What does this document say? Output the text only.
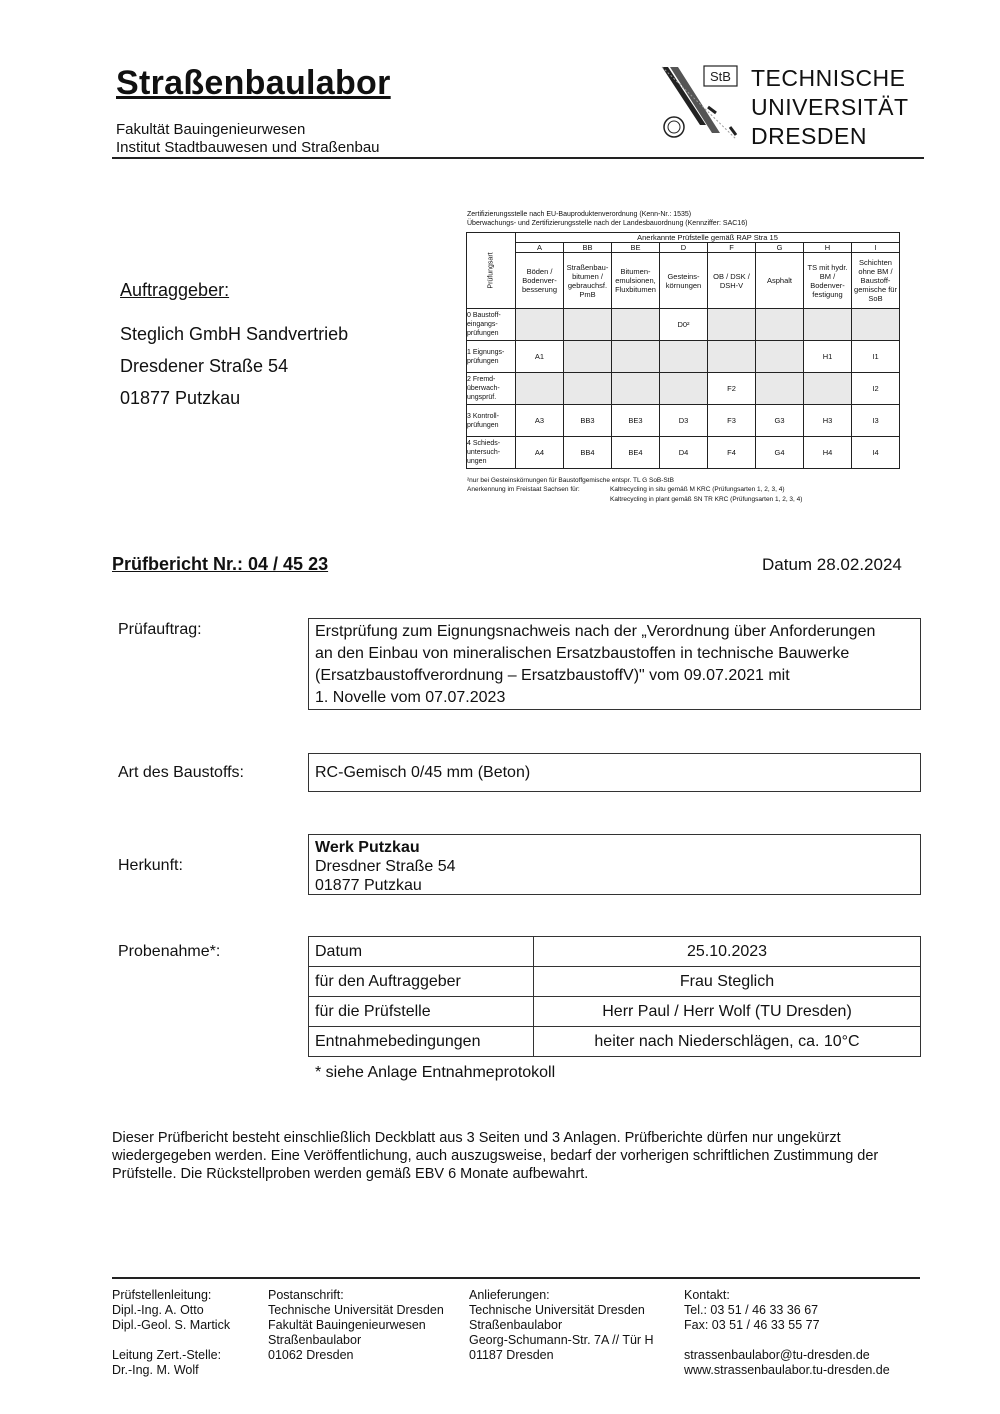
Straßenbaulabor
Fakultät Bauingenieurwesen
Institut Stadtbauwesen und Straßenbau
StB TECHNISCHE
UNIVERSITÄT
DRESDEN
Zertifizierungsstelle nach EU-Bauproduktenverordnung (Kenn-Nr.: 1535)
Überwachungs- und Zertifizierungsstelle nach der Landesbauordnung (Kennziffer: SAC16)
Prüfungsart	Anerkannte Prüfstelle gemäß RAP Stra 15							
	A	BB	BE	D	F	G	H	I
	Böden / Bodenver-besserung	Straßenbau-bitumen / gebrauchsf. PmB	Bitumen-emulsionen, Fluxbitumen	Gesteins-körnungen	OB / DSK / DSH-V	Asphalt	TS mit hydr. BM / Bodenver-festigung	Schichten ohne BM / Baustoff-gemische für SoB
0 Baustoff-eingangs-prüfungen				D0²				
1 Eignungs-prüfungen	A1						H1	I1
2 Fremd-überwach-ungsprüf.					F2			I2
3 Kontroll-prüfungen	A3	BB3	BE3	D3	F3	G3	H3	I3
4 Schieds-untersuch-ungen	A4	BB4	BE4	D4	F4	G4	H4	I4
²nur bei Gesteinskörnungen für Baustoffgemische entspr. TL G SoB-StB
Anerkennung im Freistaat Sachsen für:	Kaltrecycling in situ gemäß M KRC (Prüfungsarten 1, 2, 3, 4)
Kaltrecycling in plant gemäß SN TR KRC (Prüfungsarten 1, 2, 3, 4)
Auftraggeber:
Steglich GmbH Sandvertrieb
Dresdener Straße 54
01877 Putzkau
Prüfbericht Nr.: 04 / 45 23	Datum 28.02.2024
Prüfauftrag:	Erstprüfung zum Eignungsnachweis nach der „Verordnung über Anforderungen
an den Einbau von mineralischen Ersatzbaustoffen in technische Bauwerke
(Ersatzbaustoffverordnung – ErsatzbaustoffV)" vom 09.07.2021 mit
1. Novelle vom 07.07.2023
Art des Baustoffs:	RC-Gemisch 0/45 mm (Beton)
Herkunft:
Werk Putzkau
Dresdner Straße 54
01877 Putzkau
Probenahme*:	Datum	25.10.2023
für den Auftraggeber	Frau Steglich
für die Prüfstelle	Herr Paul / Herr Wolf (TU Dresden)
Entnahmebedingungen	heiter nach Niederschlägen, ca. 10°C
* siehe Anlage Entnahmeprotokoll
Dieser Prüfbericht besteht einschließlich Deckblatt aus 3 Seiten und 3 Anlagen. Prüfberichte dürfen nur ungekürzt
wiedergegeben werden. Eine Veröffentlichung, auch auszugsweise, bedarf der vorherigen schriftlichen Zustimmung der
Prüfstelle. Die Rückstellproben werden gemäß EBV 6 Monate aufbewahrt.
Prüfstellenleitung:
Dipl.-Ing. A. Otto
Dipl.-Geol. S. Martick
Leitung Zert.-Stelle:
Dr.-Ing. M. Wolf
Postanschrift:
Technische Universität Dresden
Fakultät Bauingenieurwesen
Straßenbaulabor
01062 Dresden
Anlieferungen:
Technische Universität Dresden
Straßenbaulabor
Georg-Schumann-Str. 7A // Tür H
01187 Dresden
Kontakt:
Tel.: 03 51 / 46 33 36 67
Fax: 03 51 / 46 33 55 77
strassenbaulabor@tu-dresden.de
www.strassenbaulabor.tu-dresden.de
